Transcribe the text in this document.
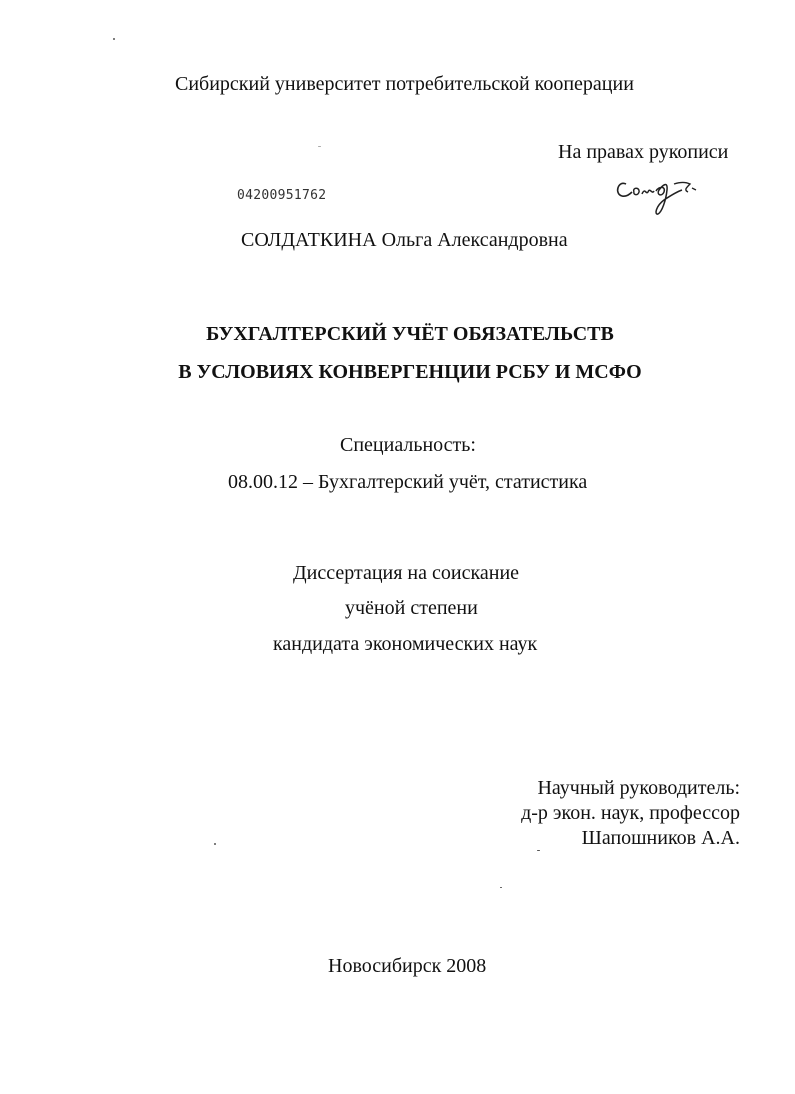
Сибирский университет потребительской кооперации
На правах рукописи
04200951762
СОЛДАТКИНА Ольга Александровна
БУХГАЛТЕРСКИЙ УЧЁТ ОБЯЗАТЕЛЬСТВ
В УСЛОВИЯХ КОНВЕРГЕНЦИИ РСБУ И МСФО
Специальность:
08.00.12 – Бухгалтерский учёт, статистика
Диссертация на соискание
учёной степени
кандидата экономических наук
Научный руководитель:
д-р экон. наук, профессор
Шапошников А.А.
Новосибирск 2008
